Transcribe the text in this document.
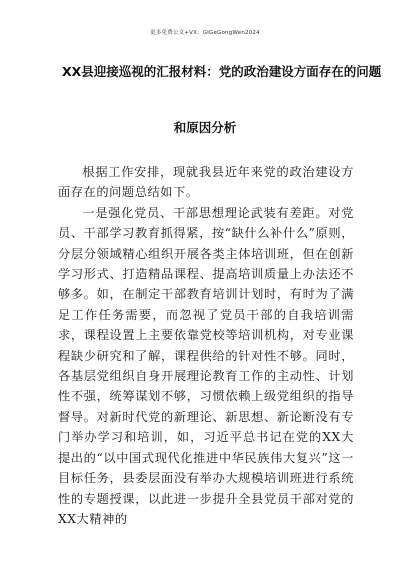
更多免费公文+VX：GiGeGongWen2024
XX县迎接巡视的汇报材料：党的政治建设方面存在的问题
和原因分析

根据工作安排，现就我县近年来党的政治建设方面存在的问题总结如下。

一是强化党员、干部思想理论武装有差距。对党员、干部学习教育抓得紧，按“缺什么补什么”原则，分层分领域精心组织开展各类主体培训班，但在创新学习形式、打造精品课程、提高培训质量上办法还不够多。如，在制定干部教育培训计划时，有时为了满足工作任务需要，而忽视了党员干部的自我培训需求，课程设置上主要依靠党校等培训机构，对专业课程缺少研究和了解，课程供给的针对性不够。同时，各基层党组织自身开展理论教育工作的主动性、计划性不强，统筹谋划不够，习惯依赖上级党组织的指导督导。对新时代党的新理论、新思想、新论断没有专门举办学习和培训，如，习近平总书记在党的XX大提出的“以中国式现代化推进中华民族伟大复兴”这一目标任务，县委层面没有举办大规模培训班进行系统性的专题授课，以此进一步提升全县党员干部对党的XX大精神的
